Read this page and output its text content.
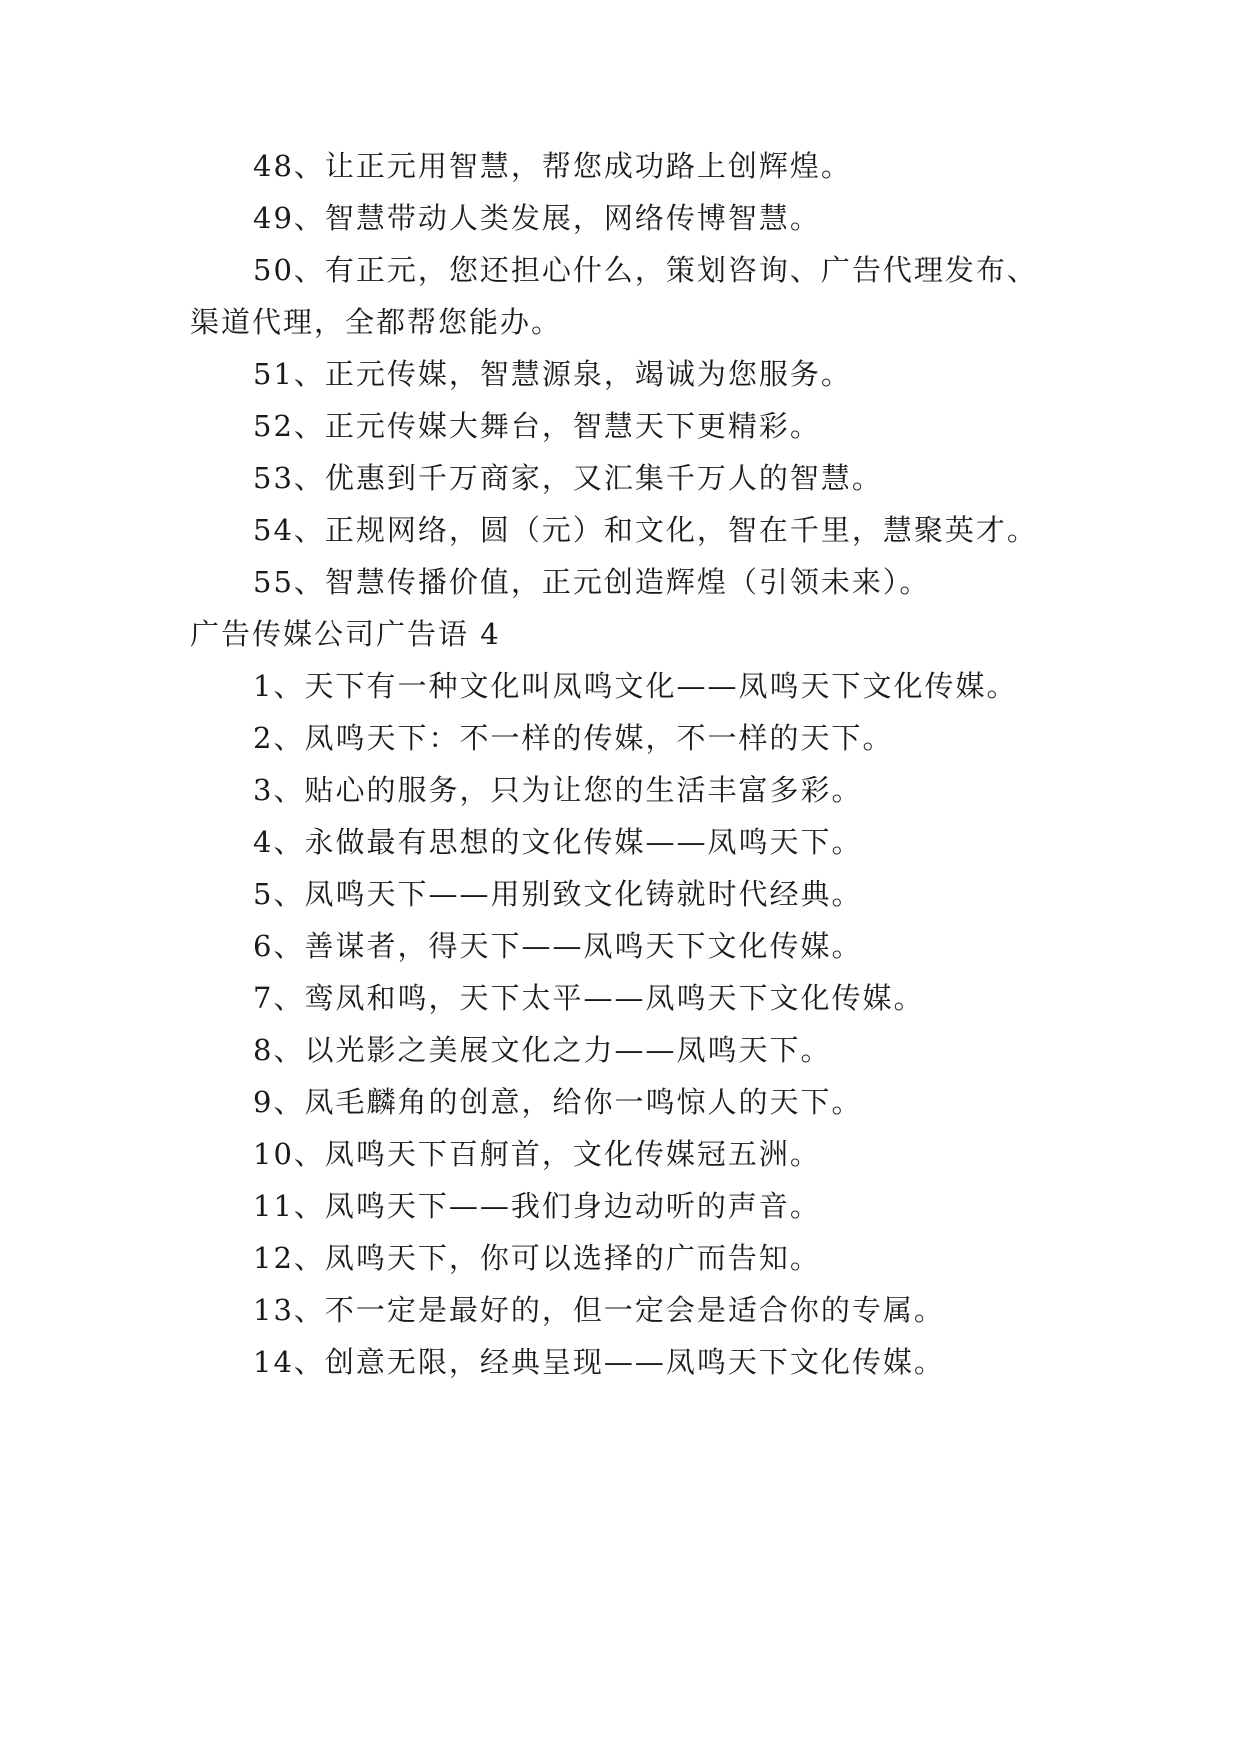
48、让正元用智慧，帮您成功路上创辉煌。
49、智慧带动人类发展，网络传博智慧。
50、有正元，您还担心什么，策划咨询、广告代理发布、
渠道代理，全都帮您能办。
51、正元传媒，智慧源泉，竭诚为您服务。
52、正元传媒大舞台，智慧天下更精彩。
53、优惠到千万商家，又汇集千万人的智慧。
54、正规网络，圆（元）和文化，智在千里，慧聚英才。
55、智慧传播价值，正元创造辉煌（引领未来）。
广告传媒公司广告语 4
1、天下有一种文化叫凤鸣文化——凤鸣天下文化传媒。
2、凤鸣天下：不一样的传媒，不一样的天下。
3、贴心的服务，只为让您的生活丰富多彩。
4、永做最有思想的文化传媒——凤鸣天下。
5、凤鸣天下——用别致文化铸就时代经典。
6、善谋者，得天下——凤鸣天下文化传媒。
7、鸾凤和鸣，天下太平——凤鸣天下文化传媒。
8、以光影之美展文化之力——凤鸣天下。
9、凤毛麟角的创意，给你一鸣惊人的天下。
10、凤鸣天下百舸首，文化传媒冠五洲。
11、凤鸣天下——我们身边动听的声音。
12、凤鸣天下，你可以选择的广而告知。
13、不一定是最好的，但一定会是适合你的专属。
14、创意无限，经典呈现——凤鸣天下文化传媒。
